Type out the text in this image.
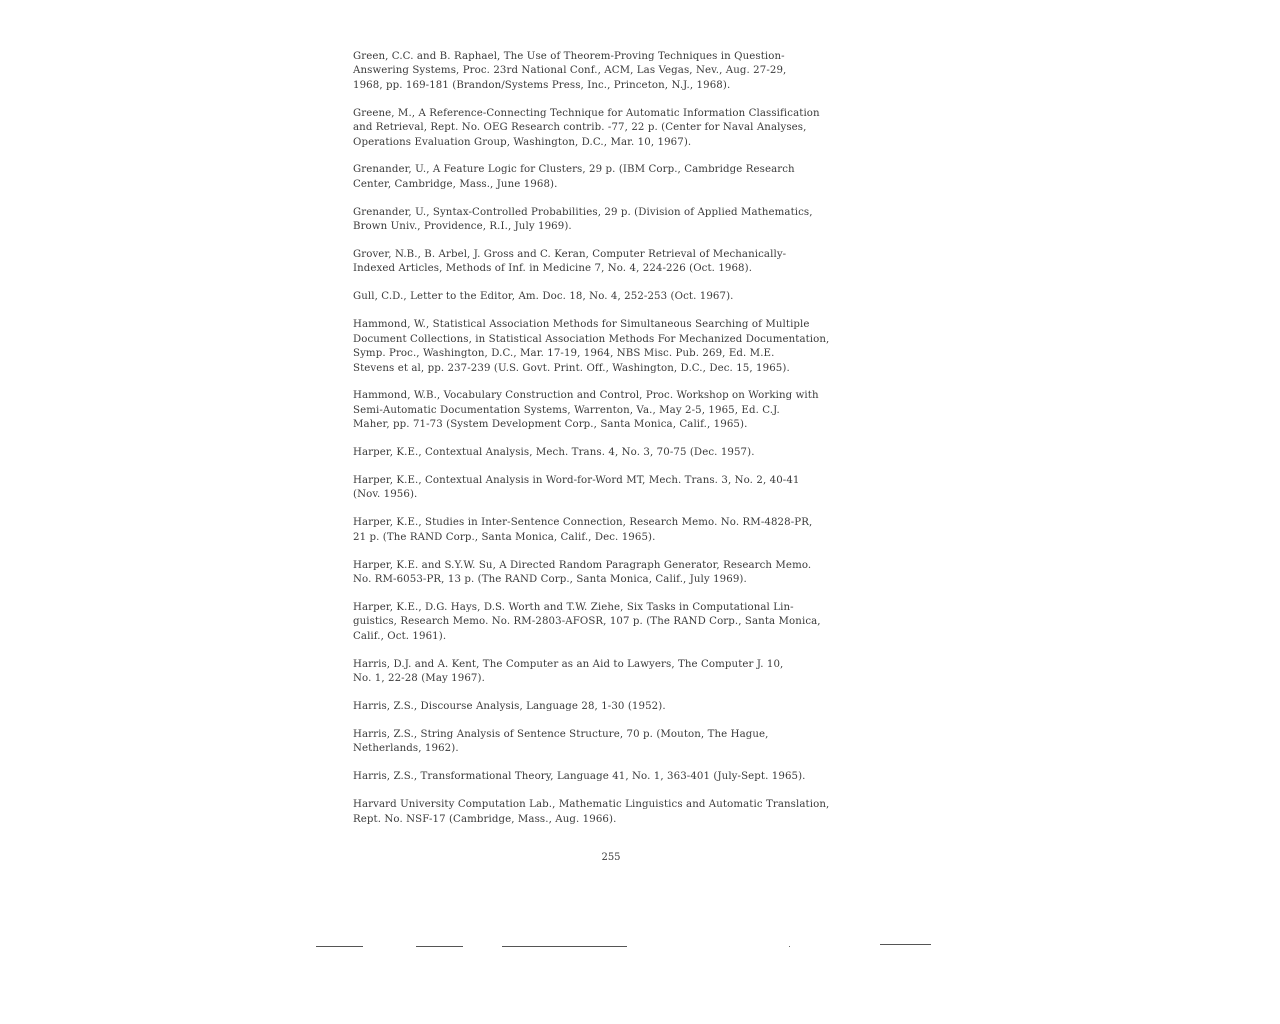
Green, C.C. and B. Raphael, The Use of Theorem-Proving Techniques in Question-
Answering Systems, Proc. 23rd National Conf., ACM, Las Vegas, Nev., Aug. 27-29,
1968, pp. 169-181 (Brandon/Systems Press, Inc., Princeton, N.J., 1968).

Greene, M., A Reference-Connecting Technique for Automatic Information Classification
and Retrieval, Rept. No. OEG Research contrib. -77, 22 p. (Center for Naval Analyses,
Operations Evaluation Group, Washington, D.C., Mar. 10, 1967).

Grenander, U., A Feature Logic for Clusters, 29 p. (IBM Corp., Cambridge Research
Center, Cambridge, Mass., June 1968).

Grenander, U., Syntax-Controlled Probabilities, 29 p. (Division of Applied Mathematics,
Brown Univ., Providence, R.I., July 1969).

Grover, N.B., B. Arbel, J. Gross and C. Keran, Computer Retrieval of Mechanically-
Indexed Articles, Methods of Inf. in Medicine 7, No. 4, 224-226 (Oct. 1968).

Gull, C.D., Letter to the Editor, Am. Doc. 18, No. 4, 252-253 (Oct. 1967).

Hammond, W., Statistical Association Methods for Simultaneous Searching of Multiple
Document Collections, in Statistical Association Methods For Mechanized Documentation,
Symp. Proc., Washington, D.C., Mar. 17-19, 1964, NBS Misc. Pub. 269, Ed. M.E.
Stevens et al, pp. 237-239 (U.S. Govt. Print. Off., Washington, D.C., Dec. 15, 1965).

Hammond, W.B., Vocabulary Construction and Control, Proc. Workshop on Working with
Semi-Automatic Documentation Systems, Warrenton, Va., May 2-5, 1965, Ed. C.J.
Maher, pp. 71-73 (System Development Corp., Santa Monica, Calif., 1965).

Harper, K.E., Contextual Analysis, Mech. Trans. 4, No. 3, 70-75 (Dec. 1957).

Harper, K.E., Contextual Analysis in Word-for-Word MT, Mech. Trans. 3, No. 2, 40-41
(Nov. 1956).

Harper, K.E., Studies in Inter-Sentence Connection, Research Memo. No. RM-4828-PR,
21 p. (The RAND Corp., Santa Monica, Calif., Dec. 1965).

Harper, K.E. and S.Y.W. Su, A Directed Random Paragraph Generator, Research Memo.
No. RM-6053-PR, 13 p. (The RAND Corp., Santa Monica, Calif., July 1969).

Harper, K.E., D.G. Hays, D.S. Worth and T.W. Ziehe, Six Tasks in Computational Lin-
guistics, Research Memo. No. RM-2803-AFOSR, 107 p. (The RAND Corp., Santa Monica,
Calif., Oct. 1961).

Harris, D.J. and A. Kent, The Computer as an Aid to Lawyers, The Computer J. 10,
No. 1, 22-28 (May 1967).

Harris, Z.S., Discourse Analysis, Language 28, 1-30 (1952).

Harris, Z.S., String Analysis of Sentence Structure, 70 p. (Mouton, The Hague,
Netherlands, 1962).

Harris, Z.S., Transformational Theory, Language 41, No. 1, 363-401 (July-Sept. 1965).

Harvard University Computation Lab., Mathematic Linguistics and Automatic Translation,
Rept. No. NSF-17 (Cambridge, Mass., Aug. 1966).

255
